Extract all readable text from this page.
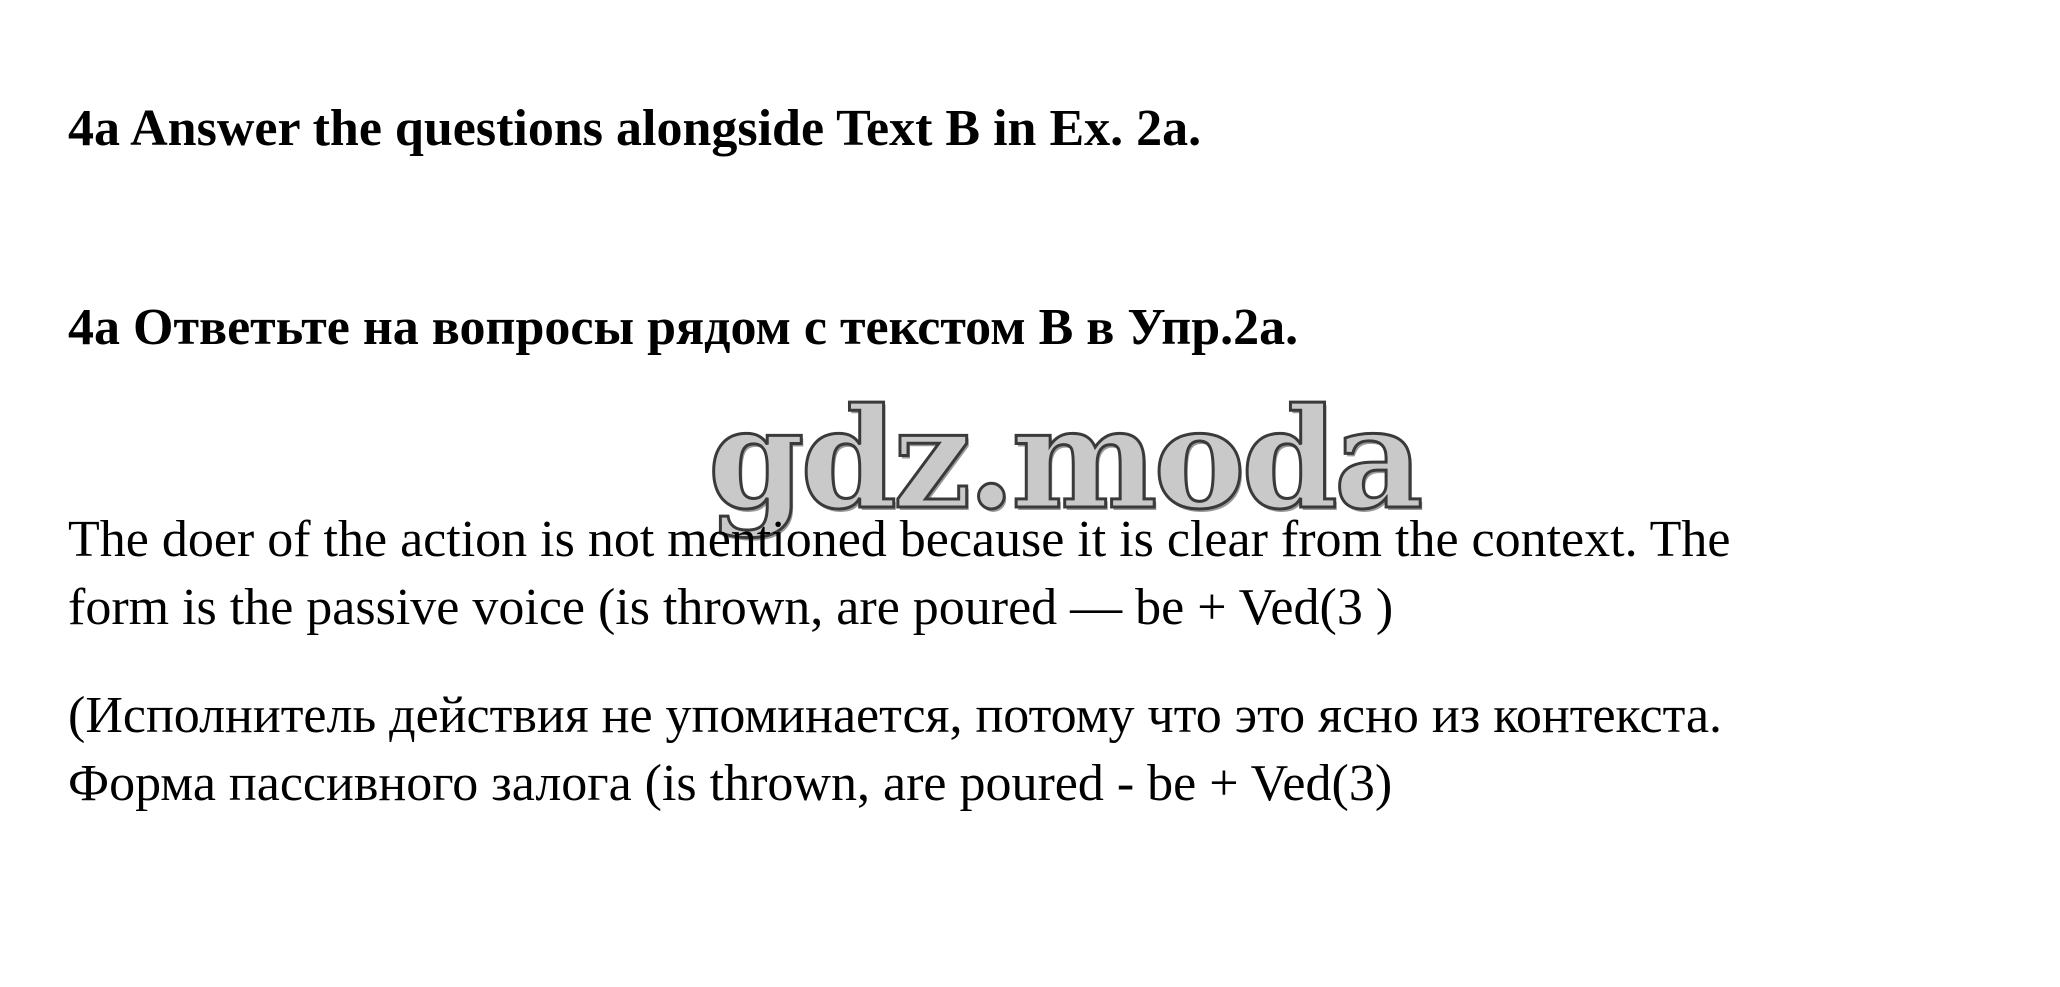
4a Answer the questions alongside Text B in Ex. 2a.
4a Ответьте на вопросы рядом с текстом В в Упр.2а.
gdz.moda

The doer of the action is not mentioned because it is clear from the context. The
form is the passive voice (is thrown, are poured — be + Ved(3 )

(Исполнитель действия не упоминается, потому что это ясно из контекста.
Форма пассивного залога (is thrown, are poured - be + Ved(3)
